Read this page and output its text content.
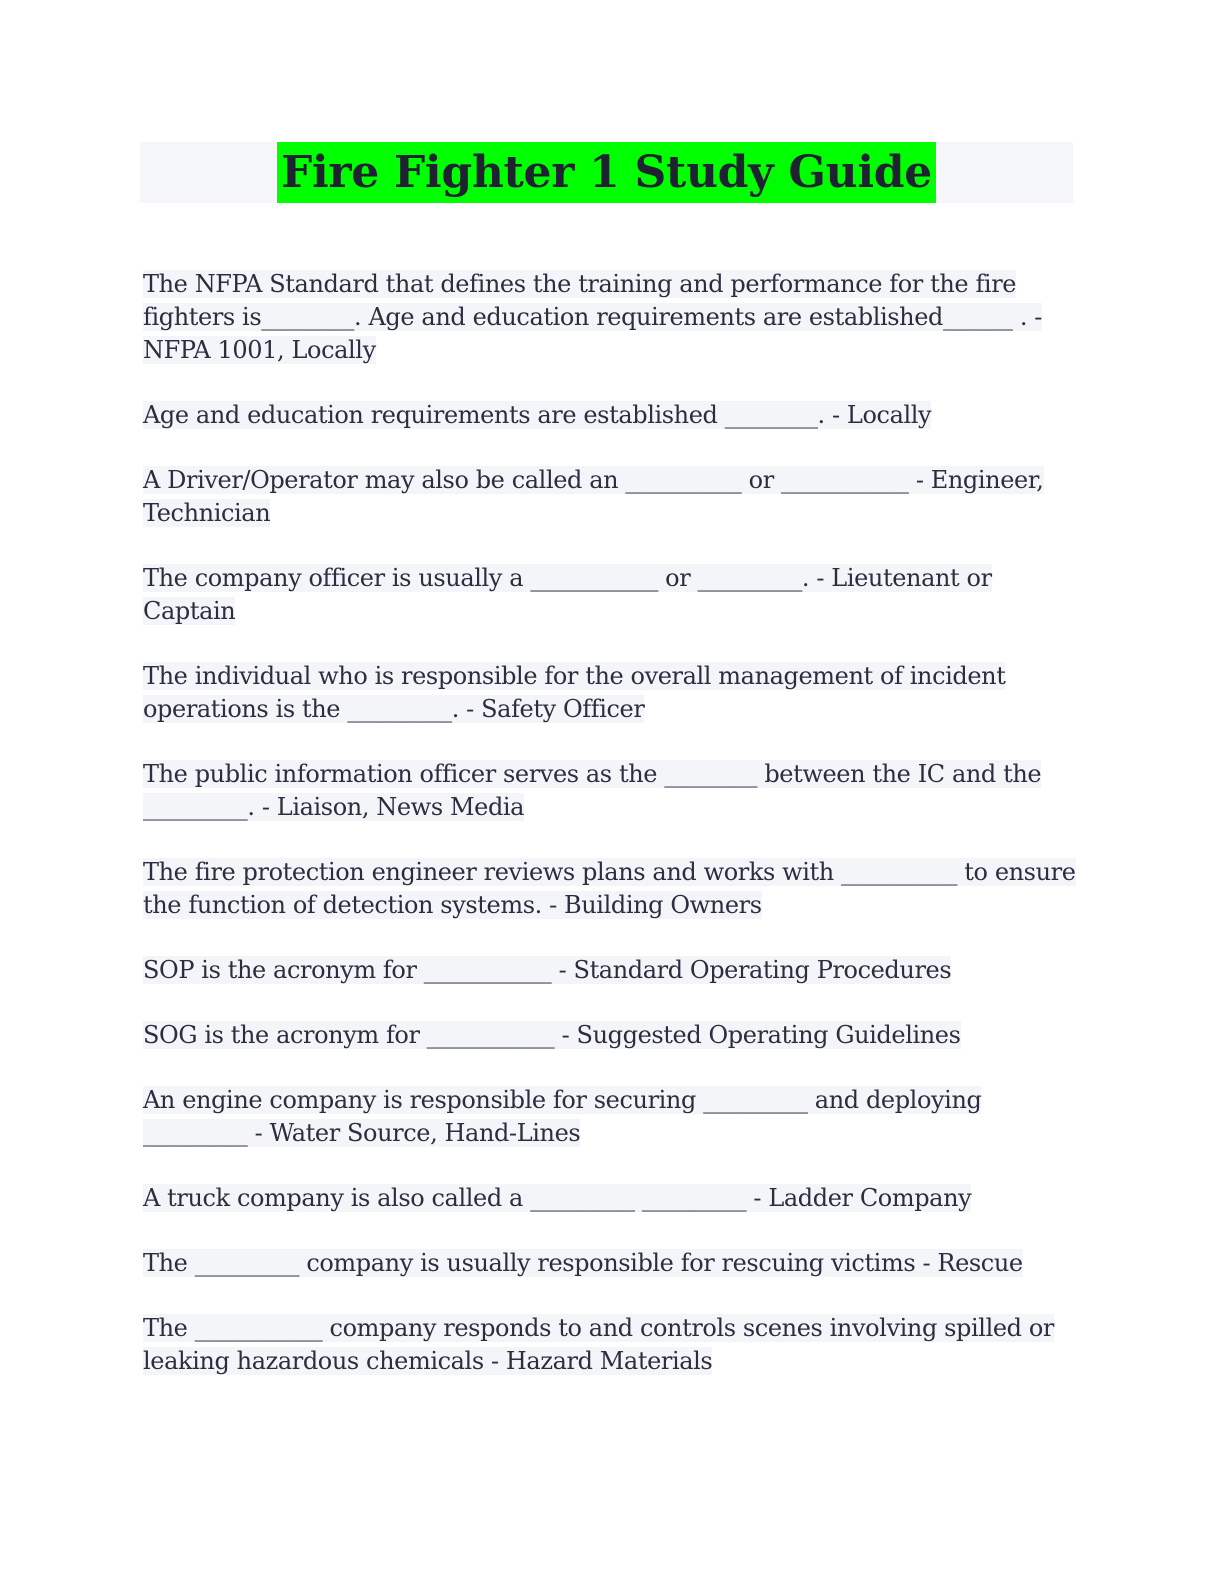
Fire Fighter 1 Study Guide
The NFPA Standard that defines the training and performance for the fire fighters is________. Age and education requirements are established______ . - NFPA 1001, Locally
Age and education requirements are established ________. - Locally
A Driver/Operator may also be called an __________ or ___________ - Engineer, Technician
The company officer is usually a ___________ or _________. - Lieutenant or Captain
The individual who is responsible for the overall management of incident operations is the _________. - Safety Officer
The public information officer serves as the ________ between the IC and the _________. - Liaison, News Media
The fire protection engineer reviews plans and works with __________ to ensure the function of detection systems. - Building Owners
SOP is the acronym for ___________ - Standard Operating Procedures
SOG is the acronym for ___________ - Suggested Operating Guidelines
An engine company is responsible for securing _________ and deploying _________ - Water Source, Hand-Lines
A truck company is also called a _________ _________ - Ladder Company
The _________ company is usually responsible for rescuing victims - Rescue
The ___________ company responds to and controls scenes involving spilled or leaking hazardous chemicals - Hazard Materials
